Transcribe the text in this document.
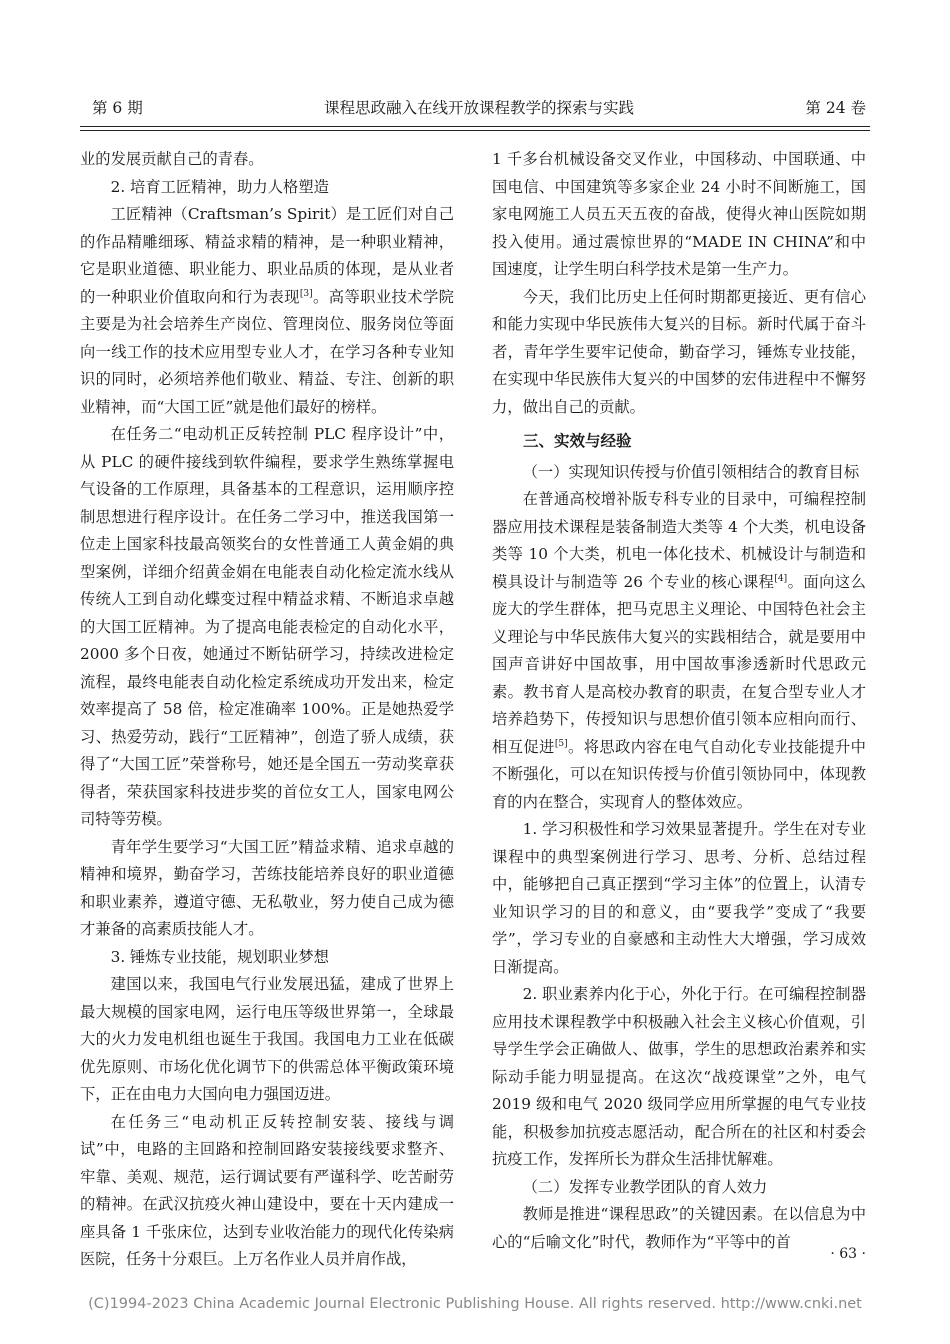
第 6 期	课程思政融入在线开放课程教学的探索与实践	第 24 卷

业的发展贡献自己的青春。

2. 培育工匠精神，助力人格塑造

工匠精神（Craftsman’s Spirit）是工匠们对自己的作品精雕细琢、精益求精的精神，是一种职业精神，它是职业道德、职业能力、职业品质的体现，是从业者的一种职业价值取向和行为表现[3]。高等职业技术学院主要是为社会培养生产岗位、管理岗位、服务岗位等面向一线工作的技术应用型专业人才，在学习各种专业知识的同时，必须培养他们敬业、精益、专注、创新的职业精神，而“大国工匠”就是他们最好的榜样。

在任务二“电动机正反转控制 PLC 程序设计”中，从 PLC 的硬件接线到软件编程，要求学生熟练掌握电气设备的工作原理，具备基本的工程意识，运用顺序控制思想进行程序设计。在任务二学习中，推送我国第一位走上国家科技最高领奖台的女性普通工人黄金娟的典型案例，详细介绍黄金娟在电能表自动化检定流水线从传统人工到自动化蝶变过程中精益求精、不断追求卓越的大国工匠精神。为了提高电能表检定的自动化水平，2000 多个日夜，她通过不断钻研学习，持续改进检定流程，最终电能表自动化检定系统成功开发出来，检定效率提高了 58 倍，检定准确率 100%。正是她热爱学习、热爱劳动，践行“工匠精神”，创造了骄人成绩，获得了“大国工匠”荣誉称号，她还是全国五一劳动奖章获得者，荣获国家科技进步奖的首位女工人，国家电网公司特等劳模。

青年学生要学习“大国工匠”精益求精、追求卓越的精神和境界，勤奋学习，苦练技能培养良好的职业道德和职业素养，遵道守德、无私敬业，努力使自己成为德才兼备的高素质技能人才。

3. 锤炼专业技能，规划职业梦想

建国以来，我国电气行业发展迅猛，建成了世界上最大规模的国家电网，运行电压等级世界第一，全球最大的火力发电机组也诞生于我国。我国电力工业在低碳优先原则、市场化优化调节下的供需总体平衡政策环境下，正在由电力大国向电力强国迈进。

在任务三“电动机正反转控制安装、接线与调试”中，电路的主回路和控制回路安装接线要求整齐、牢靠、美观、规范，运行调试要有严谨科学、吃苦耐劳的精神。在武汉抗疫火神山建设中，要在十天内建成一座具备 1 千张床位，达到专业收治能力的现代化传染病医院，任务十分艰巨。上万名作业人员并肩作战，

1 千多台机械设备交叉作业，中国移动、中国联通、中国电信、中国建筑等多家企业 24 小时不间断施工，国家电网施工人员五天五夜的奋战，使得火神山医院如期投入使用。通过震惊世界的“MADE IN CHINA”和中国速度，让学生明白科学技术是第一生产力。

今天，我们比历史上任何时期都更接近、更有信心和能力实现中华民族伟大复兴的目标。新时代属于奋斗者，青年学生要牢记使命，勤奋学习，锤炼专业技能，在实现中华民族伟大复兴的中国梦的宏伟进程中不懈努力，做出自己的贡献。

三、实效与经验
（一）实现知识传授与价值引领相结合的教育目标

在普通高校增补版专科专业的目录中，可编程控制器应用技术课程是装备制造大类等 4 个大类，机电设备类等 10 个大类，机电一体化技术、机械设计与制造和模具设计与制造等 26 个专业的核心课程[4]。面向这么庞大的学生群体，把马克思主义理论、中国特色社会主义理论与中华民族伟大复兴的实践相结合，就是要用中国声音讲好中国故事，用中国故事渗透新时代思政元素。教书育人是高校办教育的职责，在复合型专业人才培养趋势下，传授知识与思想价值引领本应相向而行、相互促进[5]。将思政内容在电气自动化专业技能提升中不断强化，可以在知识传授与价值引领协同中，体现教育的内在整合，实现育人的整体效应。

1. 学习积极性和学习效果显著提升。学生在对专业课程中的典型案例进行学习、思考、分析、总结过程中，能够把自己真正摆到“学习主体”的位置上，认清专业知识学习的目的和意义，由“要我学”变成了“我要学”，学习专业的自豪感和主动性大大增强，学习成效日渐提高。

2. 职业素养内化于心，外化于行。在可编程控制器应用技术课程教学中积极融入社会主义核心价值观，引导学生学会正确做人、做事，学生的思想政治素养和实际动手能力明显提高。在这次“战疫课堂”之外，电气 2019 级和电气 2020 级同学应用所掌握的电气专业技能，积极参加抗疫志愿活动，配合所在的社区和村委会抗疫工作，发挥所长为群众生活排忧解难。

（二）发挥专业教学团队的育人效力

教师是推进“课程思政”的关键因素。在以信息为中心的“后喻文化”时代，教师作为“平等中的首

· 63 ·
(C)1994-2023 China Academic Journal Electronic Publishing House. All rights reserved. http://www.cnki.net
